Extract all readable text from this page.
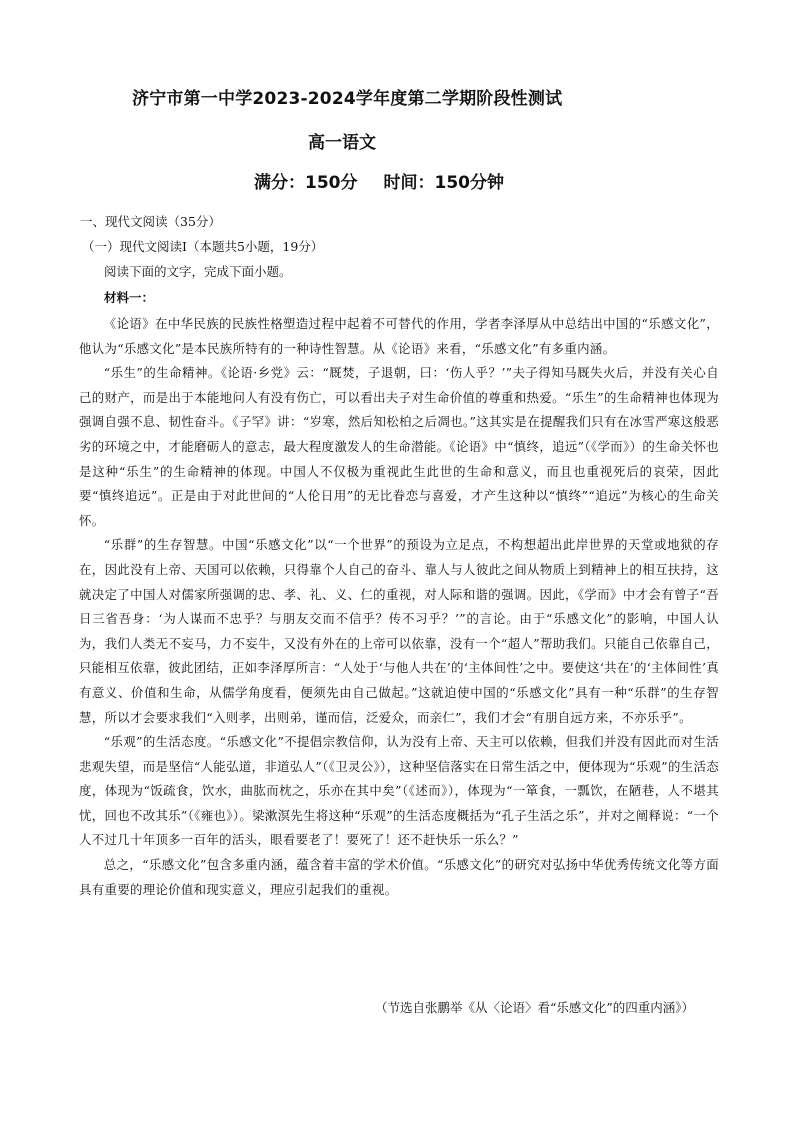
济宁市第一中学2023-2024学年度第二学期阶段性测试
高一语文
满分：150分 时间：150分钟
一、现代文阅读（35分）
（一）现代文阅读Ⅰ（本题共5小题，19分）
阅读下面的文字，完成下面小题。
材料一：

《论语》在中华民族的民族性格塑造过程中起着不可替代的作用，学者李泽厚从中总结出中国的“乐感文化”，他认为“乐感文化”是本民族所特有的一种诗性智慧。从《论语》来看，“乐感文化”有多重内涵。

“乐生”的生命精神。《论语·乡党》云：“厩焚，子退朝，曰：‘伤人乎？’”夫子得知马厩失火后，并没有关心自己的财产，而是出于本能地问人有没有伤亡，可以看出夫子对生命价值的尊重和热爱。“乐生”的生命精神也体现为强调自强不息、韧性奋斗。《子罕》讲：“岁寒，然后知松柏之后凋也。”这其实是在提醒我们只有在冰雪严寒这般恶劣的环境之中，才能磨砺人的意志，最大程度激发人的生命潜能。《论语》中“慎终，追远”（《学而》）的生命关怀也是这种“乐生”的生命精神的体现。中国人不仅极为重视此生此世的生命和意义，而且也重视死后的哀荣，因此要“慎终追远”。正是由于对此世间的“人伦日用”的无比眷恋与喜爱，才产生这种以“慎终”“追远”为核心的生命关怀。

“乐群”的生存智慧。中国“乐感文化”以“一个世界”的预设为立足点，不构想超出此岸世界的天堂或地狱的存在，因此没有上帝、天国可以依赖，只得靠个人自己的奋斗、靠人与人彼此之间从物质上到精神上的相互扶持，这就决定了中国人对儒家所强调的忠、孝、礼、义、仁的重视，对人际和谐的强调。因此，《学而》中才会有曾子“吾日三省吾身：‘为人谋而不忠乎？与朋友交而不信乎？传不习乎？’”的言论。由于“乐感文化”的影响，中国人认为，我们人类无不妄马，力不妄牛，又没有外在的上帝可以依靠，没有一个“超人”帮助我们。只能自己依靠自己，只能相互依靠，彼此团结，正如李泽厚所言：“人处于‘与他人共在’的‘主体间性’之中。要使这‘共在’的‘主体间性’真有意义、价值和生命，从儒学角度看，便须先由自己做起。”这就迫使中国的“乐感文化”具有一种“乐群”的生存智慧，所以才会要求我们“入则孝，出则弟，谨而信，泛爱众，而亲仁”，我们才会“有朋自远方来，不亦乐乎”。

“乐观”的生活态度。“乐感文化”不提倡宗教信仰，认为没有上帝、天主可以依赖，但我们并没有因此而对生活悲观失望，而是坚信“人能弘道，非道弘人”（《卫灵公》），这种坚信落实在日常生活之中，便体现为“乐观”的生活态度，体现为“饭疏食，饮水，曲肱而枕之，乐亦在其中矣”（《述而》），体现为“一箪食，一瓢饮，在陋巷，人不堪其忧，回也不改其乐”（《雍也》）。梁漱溟先生将这种“乐观”的生活态度概括为“孔子生活之乐”，并对之阐释说：“一个人不过几十年顶多一百年的活头，眼看要老了！要死了！还不赶快乐一乐么？”

总之，“乐感文化”包含多重内涵，蕴含着丰富的学术价值。“乐感文化”的研究对弘扬中华优秀传统文化等方面具有重要的理论价值和现实意义，理应引起我们的重视。

（节选自张鹏举《从〈论语〉看“乐感文化”的四重内涵》）
